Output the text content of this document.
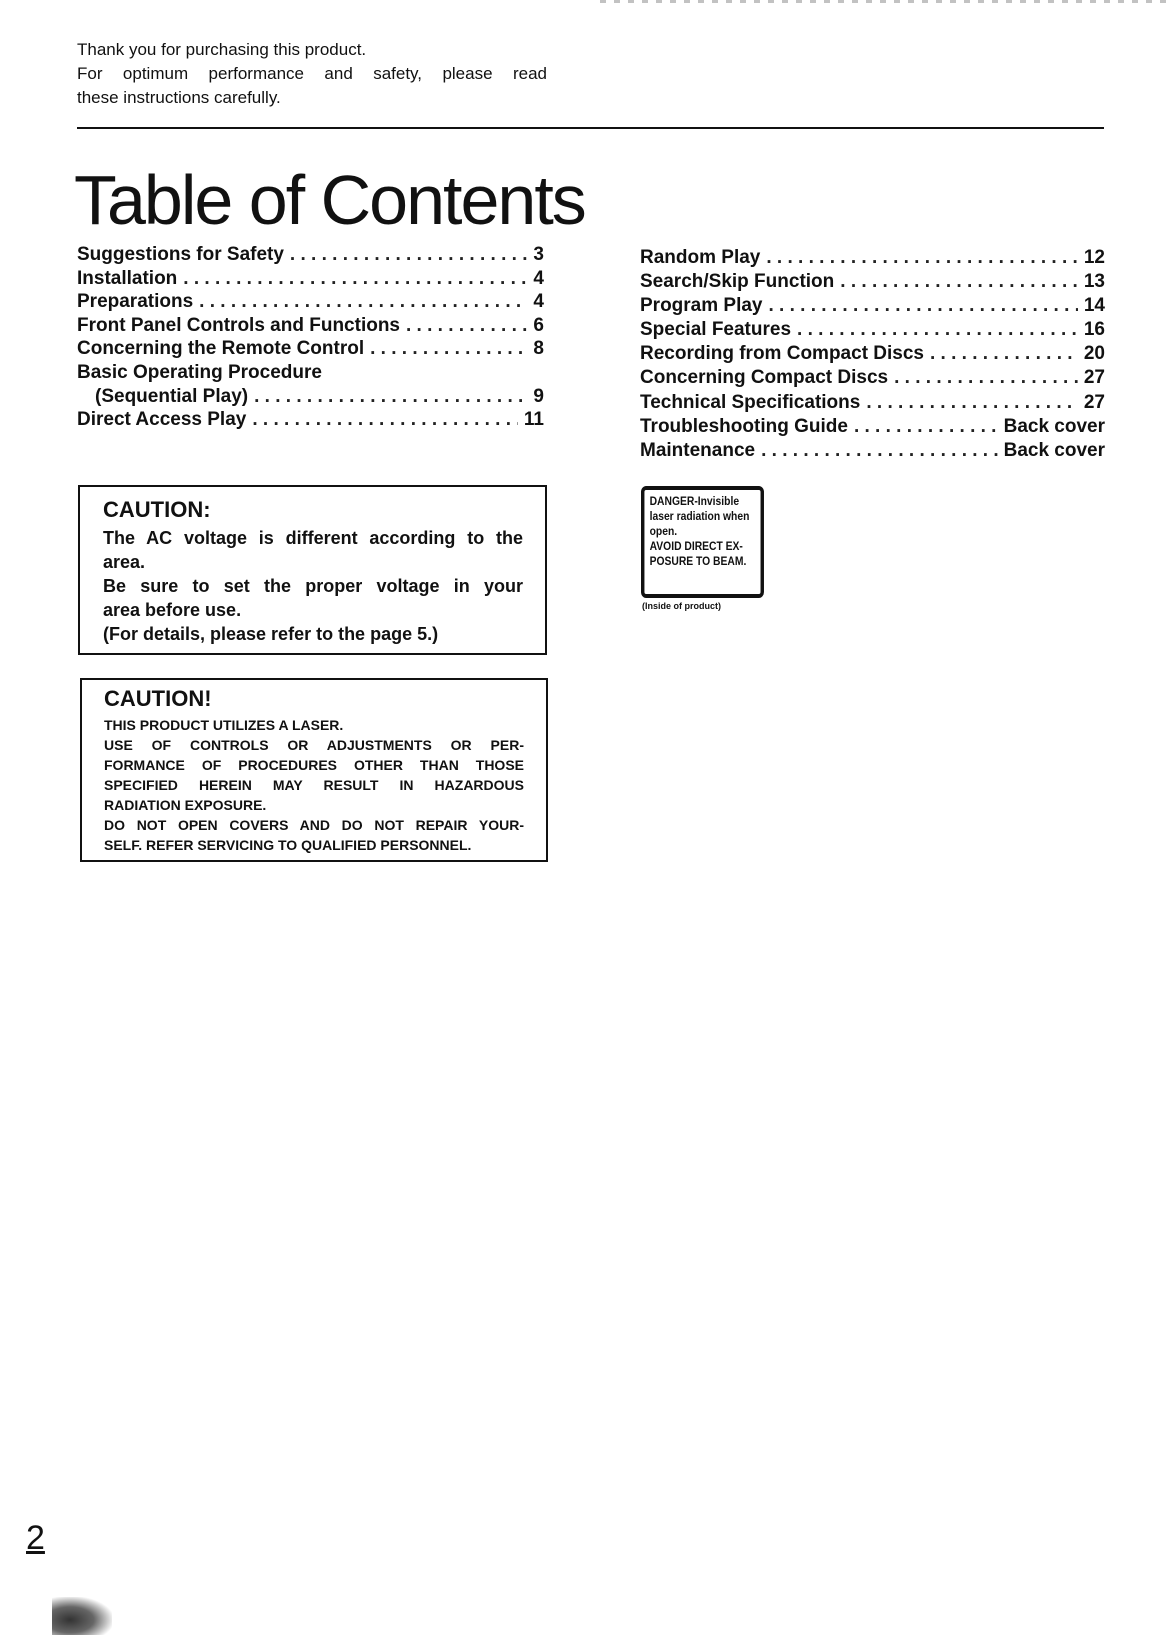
Thank you for purchasing this product.
For optimum performance and safety, please read
these instructions carefully.
Table of Contents
Suggestions for Safety . . .	3
Installation . . .	4
Preparations . . .	4
Front Panel Controls and Functions . . .	6
Concerning the Remote Control . . .	8
Basic Operating Procedure
(Sequential Play) . . .	9
Direct Access Play . . .	11
Random Play . . .	12
Search/Skip Function . . .	13
Program Play . . .	14
Special Features . . .	16
Recording from Compact Discs . . .	20
Concerning Compact Discs . . .	27
Technical Specifications . . .	27
Troubleshooting Guide . . .	Back cover
Maintenance . . .	Back cover
CAUTION:
The AC voltage is different according to the
area.
Be sure to set the proper voltage in your
area before use.
(For details, please refer to the page 5.)
CAUTION!
THIS PRODUCT UTILIZES A LASER.
USE OF CONTROLS OR ADJUSTMENTS OR PER-
FORMANCE OF PROCEDURES OTHER THAN THOSE
SPECIFIED HEREIN MAY RESULT IN HAZARDOUS
RADIATION EXPOSURE.
DO NOT OPEN COVERS AND DO NOT REPAIR YOUR-
SELF. REFER SERVICING TO QUALIFIED PERSONNEL.
DANGER-Invisible
laser radiation when
open.
AVOID DIRECT EX-
POSURE TO BEAM.
(Inside of product)
2
